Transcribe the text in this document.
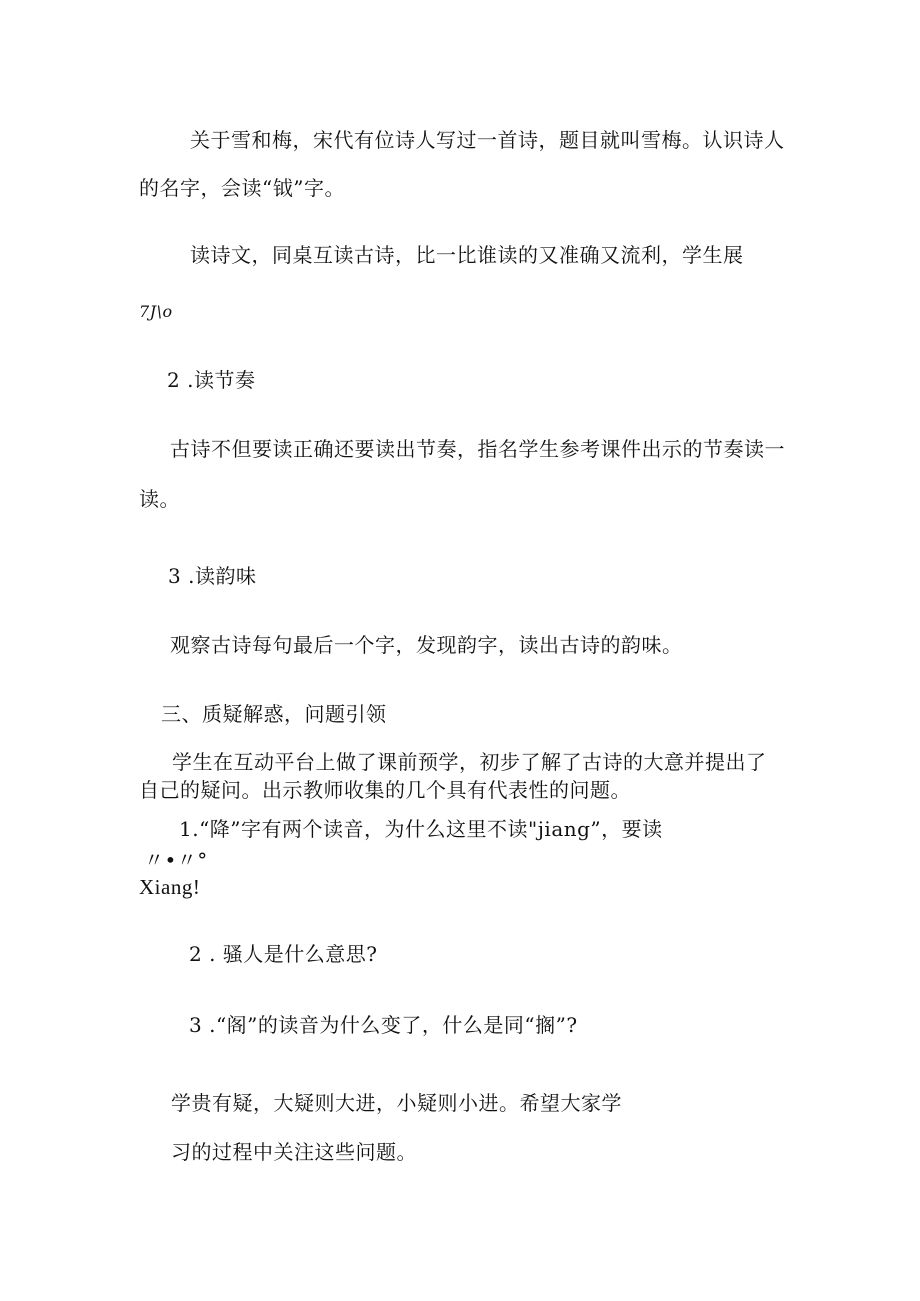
关于雪和梅，宋代有位诗人写过一首诗，题目就叫雪梅。认识诗人

的名字，会读“钺”字。

读诗文，同桌互读古诗，比一比谁读的又准确又流利，学生展

7J\o

2 .读节奏

古诗不但要读正确还要读出节奏，指名学生参考课件出示的节奏读一

读。

3 .读韵味

观察古诗每句最后一个字，发现韵字，读出古诗的韵味。

三、质疑解惑，问题引领

学生在互动平台上做了课前预学，初步了解了古诗的大意并提出了

自己的疑问。出示教师收集的几个具有代表性的问题。

1.“降”字有两个读音，为什么这里不读"jiang”，要读

〃•〃°

Xiang!

2 . 骚人是什么意思?

3 .“阁”的读音为什么变了，什么是同“搁”?

学贵有疑，大疑则大进，小疑则小进。希望大家学

习的过程中关注这些问题。
